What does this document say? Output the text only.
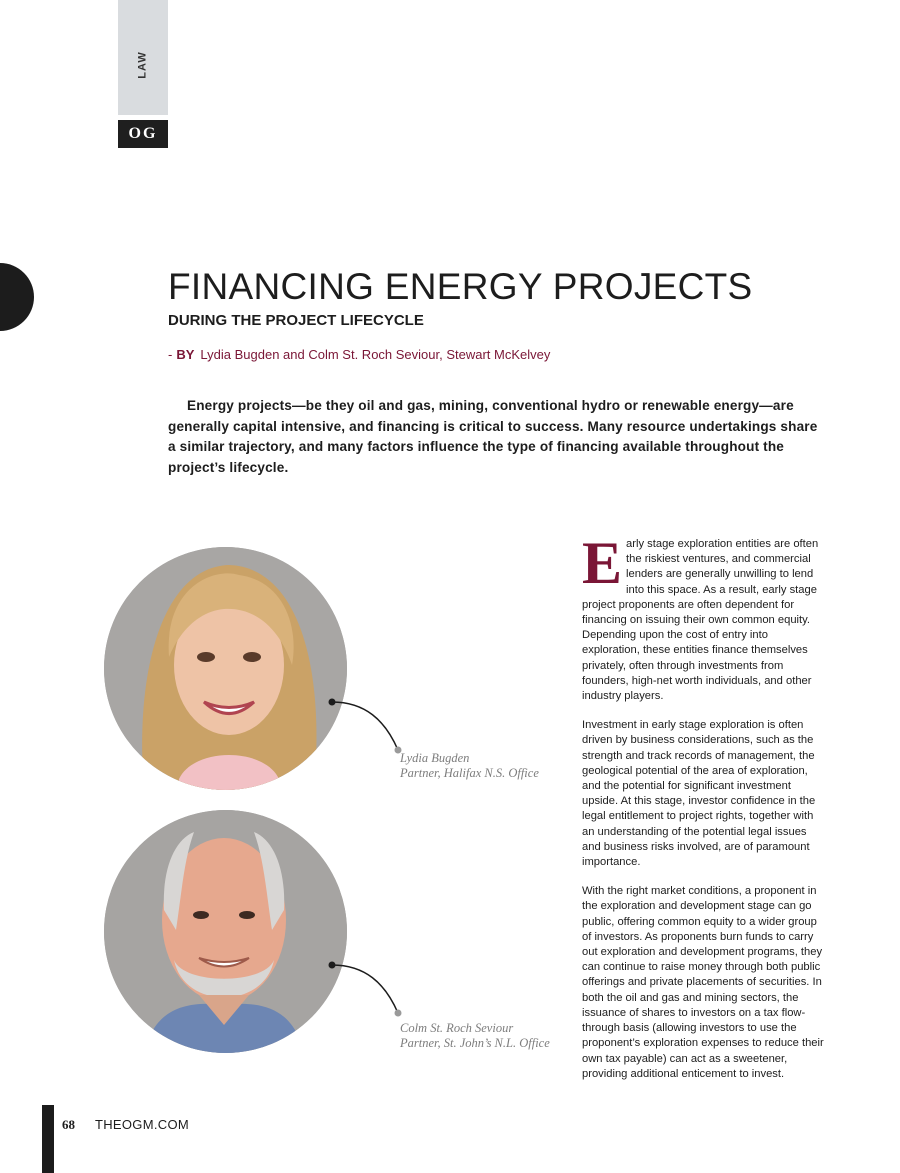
LAW
OG
FINANCING ENERGY PROJECTS
DURING THE PROJECT LIFECYCLE
- BY Lydia Bugden and Colm St. Roch Seviour, Stewart McKelvey

Energy projects—be they oil and gas, mining, conventional hydro or renewable energy—are generally capital intensive, and financing is critical to success. Many resource undertakings share a similar trajectory, and many factors influence the type of financing available throughout the project’s lifecycle.

Lydia Bugden
Partner, Halifax N.S. Office
Colm St. Roch Seviour
Partner, St. John’s N.L. Office

Early stage exploration entities are often the riskiest ventures, and commercial lenders are generally unwilling to lend into this space. As a result, early stage project proponents are often dependent for financing on issuing their own common equity. Depending upon the cost of entry into exploration, these entities finance themselves privately, often through investments from founders, high-net worth individuals, and other industry players.

Investment in early stage exploration is often driven by business considerations, such as the strength and track records of management, the geological potential of the area of exploration, and the potential for significant investment upside. At this stage, investor confidence in the legal entitlement to project rights, together with an understanding of the potential legal issues and business risks involved, are of paramount importance.

With the right market conditions, a proponent in the exploration and development stage can go public, offering common equity to a wider group of investors. As proponents burn funds to carry out exploration and development programs, they can continue to raise money through both public offerings and private placements of securities. In both the oil and gas and mining sectors, the issuance of shares to investors on a tax flow-through basis (allowing investors to use the proponent’s exploration expenses to reduce their own tax payable) can act as a sweetener, providing additional enticement to invest.

68 THEOGM.COM
